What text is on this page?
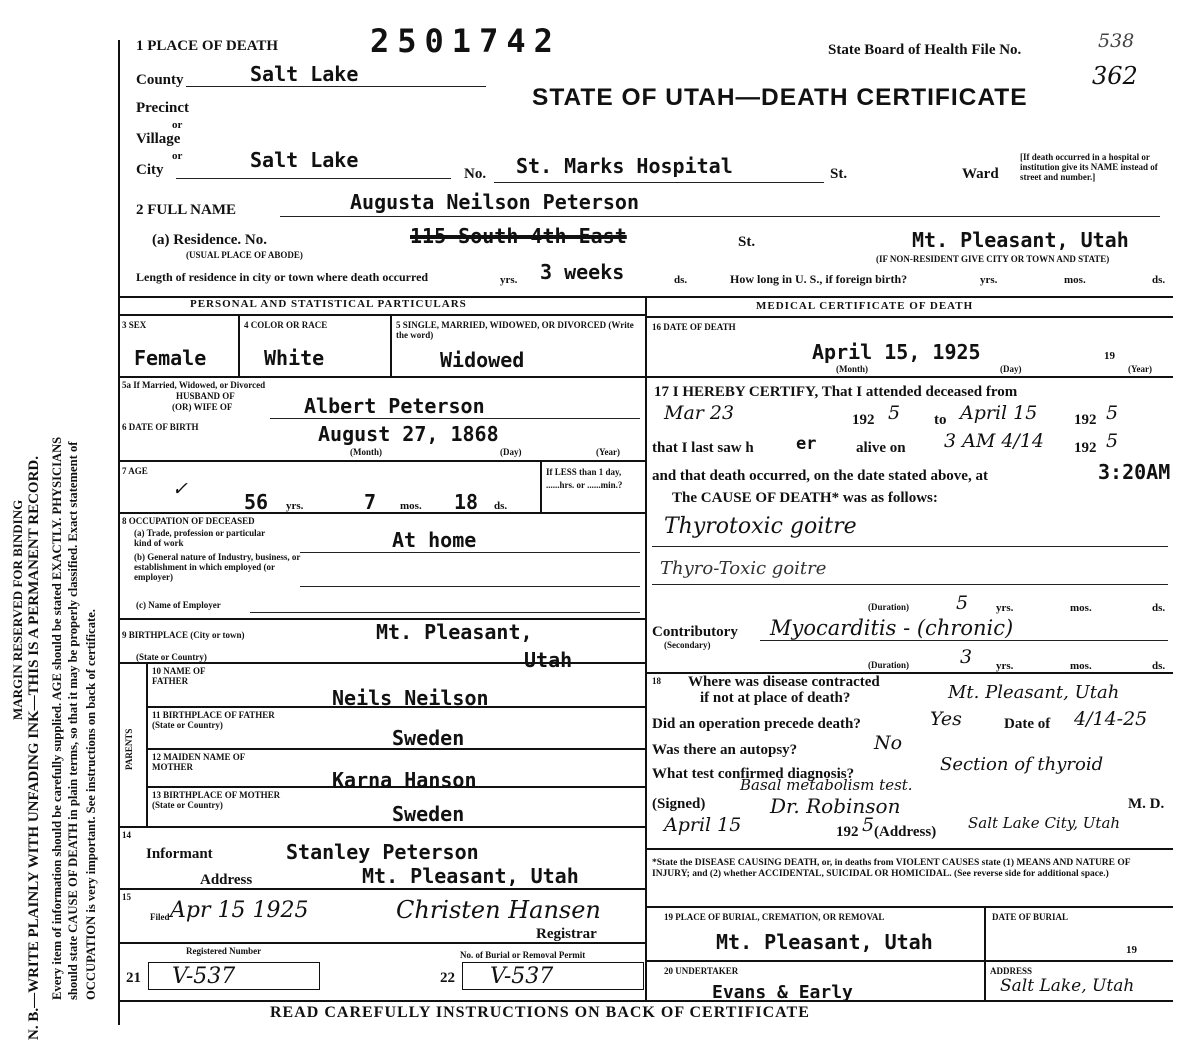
MARGIN RESERVED FOR BINDING N. B.—WRITE PLAINLY WITH UNFADING INK—THIS IS A PERMANENT RECORD. Every item of information should be carefully supplied. AGE should be stated EXACTLY. PHYSICIANS should state CAUSE OF DEATH in plain terms, so that it may be properly classified. Exact statement of OCCUPATION is very important. See instructions on back of certificate.
1 PLACE OF DEATH	2501742	State Board of Health File No.	538
362
STATE OF UTAH—DEATH CERTIFICATE
County	Salt Lake
Precinct
or
Village
or
City	Salt Lake
No. St. Marks Hospital	St.	Ward
[If death occurred in a hospital or institution give its NAME instead of street and number.]
2 FULL NAME	Augusta Neilson Peterson
(a) Residence. No.
(USUAL PLACE OF ABODE)
115 South 4th East	St.	Mt. Pleasant, Utah
(IF NON-RESIDENT GIVE CITY OR TOWN AND STATE)
Length of residence in city or town where death occurred	yrs. 3 weeks	ds.	How long in U. S., if foreign birth?	yrs.	mos.	ds.
PERSONAL AND STATISTICAL PARTICULARS
3 SEX
Female
4 COLOR OR RACE
White
5 SINGLE, MARRIED, WIDOWED, OR DIVORCED (Write the word)
Widowed
5a If Married, Widowed, or Divorced
HUSBAND OF
(OR) WIFE OF	Albert Peterson
6 DATE OF BIRTH	August 27, 1868
(Month)	(Day)	(Year)
7 AGE
✓
56 yrs.	7 mos. 18 ds.
If LESS than 1 day, ......hrs. or ......min.?
8 OCCUPATION OF DECEASED
(a) Trade, profession or particular kind of work
(b) General nature of Industry, business, or establishment in which employed (or employer)
At home
(c) Name of Employer
9 BIRTHPLACE (City or town)	Mt. Pleasant,
(State or Country)	Utah
PARENTS
10 NAME OF FATHER
Neils Neilson
11 BIRTHPLACE OF FATHER (State or Country)
Sweden
12 MAIDEN NAME OF MOTHER
Karna Hanson
13 BIRTHPLACE OF MOTHER (State or Country)	Sweden
14
Informant	Stanley Peterson
Address	Mt. Pleasant, Utah
15
Filed Apr 15 1925	Christen Hansen
Registrar
Registered Number
21 V-537
No. of Burial or Removal Permit
22 V-537
MEDICAL CERTIFICATE OF DEATH
16 DATE OF DEATH
April 15, 1925
(Month)	(Day)
19
(Year)
17 I HEREBY CERTIFY, That I attended deceased from
Mar 23	192 5 to April 15 192 5
that I last saw h er	alive on 3 AM 4/14 192 5
and that death occurred, on the date stated above, at	3:20AM
The CAUSE OF DEATH* was as follows:
Thyrotoxic goitre
Thyro-Toxic goitre
(Duration) 5	yrs.	mos.	ds.
Contributory
(Secondary)
Myocarditis - (chronic)
(Duration)	3 yrs.	mos.	ds.
18 Where was disease contracted
if not at place of death?	Mt. Pleasant, Utah
Did an operation precede death?	Yes	Date of 4/14-25
Was there an autopsy?	No
What test confirmed diagnosis?	Section of thyroid
Basal metabolism test.
(Signed)	Dr. Robinson	M. D.
April 15	192 5 (Address) Salt Lake City, Utah
*State the DISEASE CAUSING DEATH, or, in deaths from VIOLENT CAUSES state (1) MEANS AND NATURE OF INJURY; and (2) whether ACCIDENTAL, SUICIDAL OR HOMICIDAL. (See reverse side for additional space.)
19 PLACE OF BURIAL, CREMATION, OR REMOVAL
Mt. Pleasant, Utah
DATE OF BURIAL
19
20 UNDERTAKER
Evans & Early
ADDRESS
Salt Lake, Utah
READ CAREFULLY INSTRUCTIONS ON BACK OF CERTIFICATE
